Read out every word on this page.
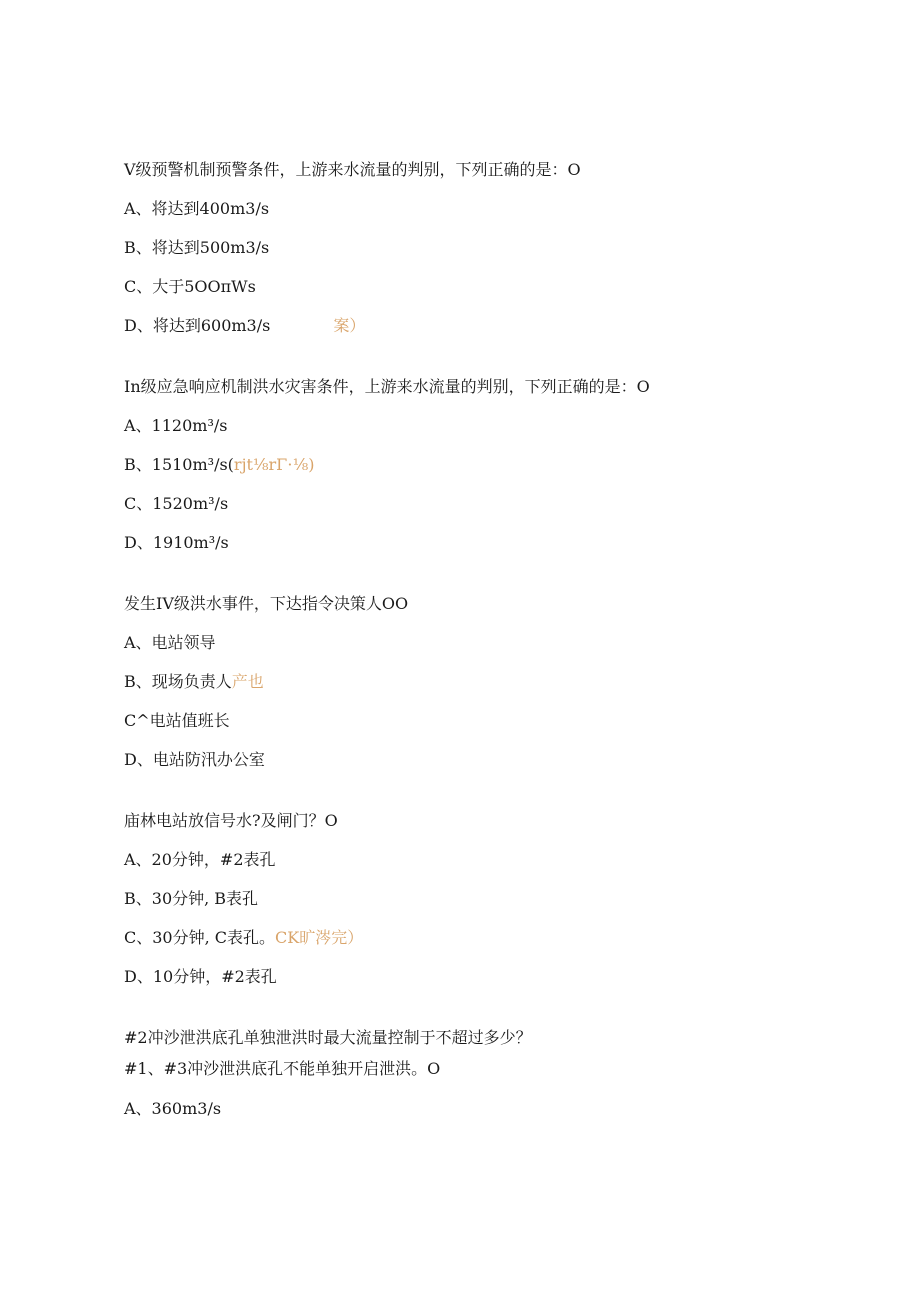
V级预警机制预警条件，上游来水流量的判别，下列正确的是：O
A、将达到400m3∕s
B、将达到500m3∕s
C、大于5OOπWs
D、将达到600m3∕s	案）
In级应急响应机制洪水灾害条件，上游来水流量的判别，下列正确的是：O
A、1120m³∕s
B、1510m³∕s(rjt⅛rΓ⋅⅛)
C、1520m³∕s
D、1910m³∕s
发生IV级洪水事件，下达指令决策人OO
A、电站领导
B、现场负责人产也
C^电站值班长
D、电站防汛办公室
庙林电站放信号水?及闸门？O
A、20分钟，#2表孔
B、30分钟, B表孔
C、30分钟, C表孔。CK旷涔完）
D、10分钟，#2表孔
#2冲沙泄洪底孔单独泄洪时最大流量控制于不超过多少？
#1、#3冲沙泄洪底孔不能单独开启泄洪。O
A、360m3∕s
